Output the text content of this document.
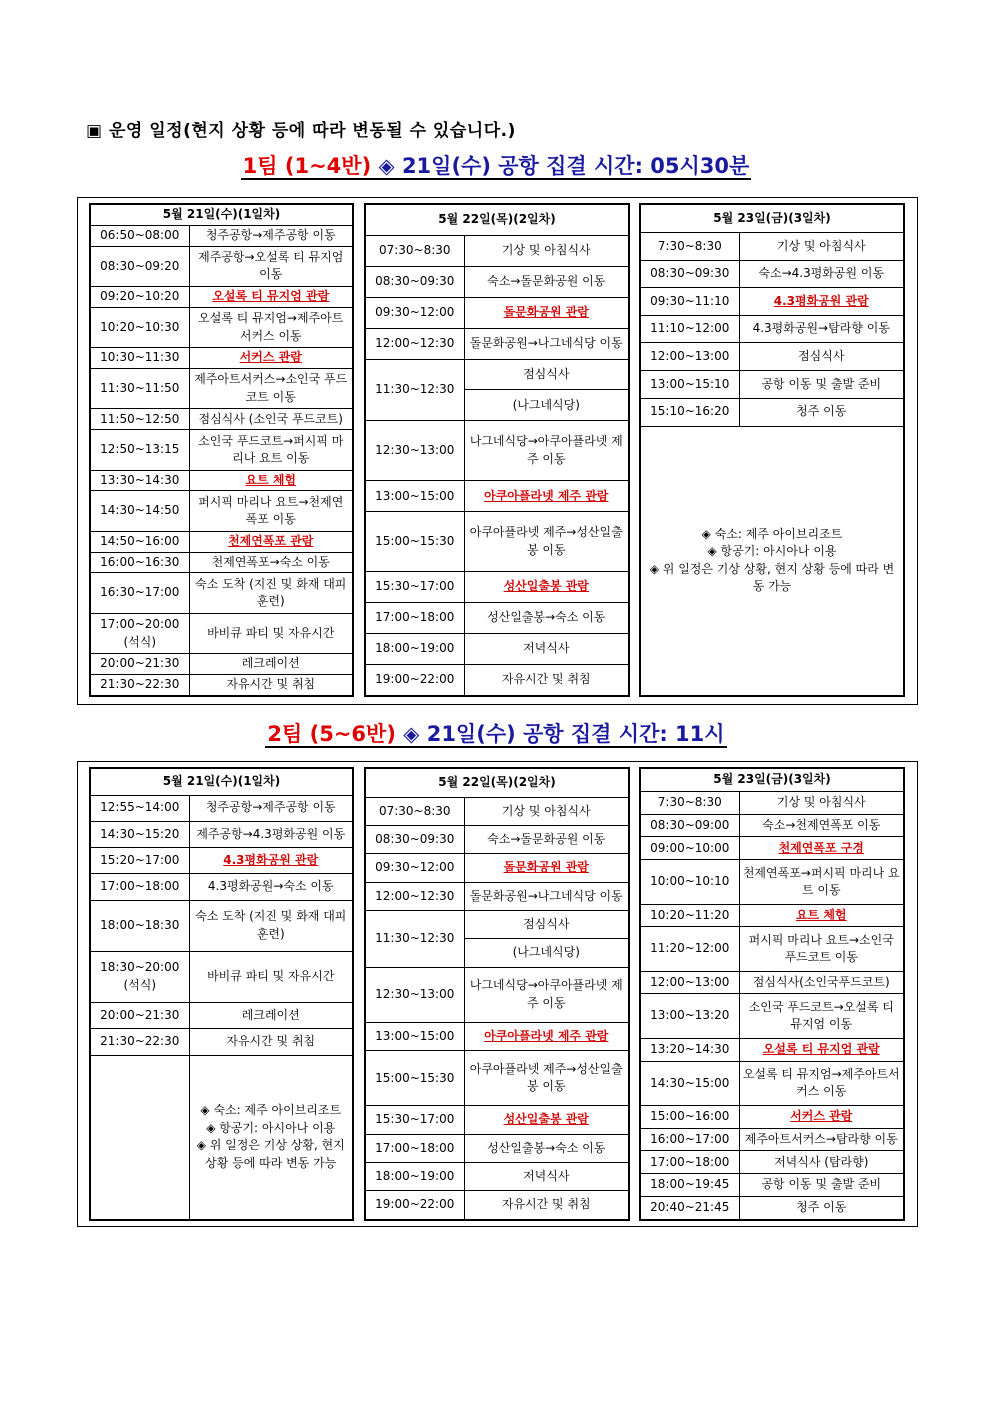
▣ 운영 일정(현지 상황 등에 따라 변동될 수 있습니다.)
1팀 (1~4반) ◈ 21일(수) 공항 집결 시간: 05시30분
5월 21일(수)(1일차)	
06:50~08:00	청주공항→제주공항 이동
08:30~09:20	제주공항→오설록 티 뮤지엄 이동
09:20~10:20	오설록 티 뮤지엄 관람
10:20~10:30	오설록 티 뮤지엄→제주아트서커스 이동
10:30~11:30	서커스 관람
11:30~11:50	제주아트서커스→소인국 푸드코트 이동
11:50~12:50	점심식사 (소인국 푸드코트)
12:50~13:15	소인국 푸드코트→퍼시픽 마리나 요트 이동
13:30~14:30	요트 체험
14:30~14:50	퍼시픽 마리나 요트→천제연폭포 이동
14:50~16:00	천제연폭포 관람
16:00~16:30	천제연폭포→숙소 이동
16:30~17:00	숙소 도착 (지진 및 화재 대피 훈련)
17:00~20:00 (석식)	바비큐 파티 및 자유시간
20:00~21:30	레크레이션
21:30~22:30	자유시간 및 취침
5월 22일(목)(2일차)	
07:30~8:30	기상 및 아침식사
08:30~09:30	숙소→돌문화공원 이동
09:30~12:00	돌문화공원 관람
12:00~12:30	돌문화공원→나그네식당 이동
11:30~12:30	점심식사
	(나그네식당)
12:30~13:00	나그네식당→아쿠아플라넷 제주 이동
13:00~15:00	아쿠아플라넷 제주 관람
15:00~15:30	아쿠아플라넷 제주→성산일출봉 이동
15:30~17:00	성산일출봉 관람
17:00~18:00	성산일출봉→숙소 이동
18:00~19:00	저녁식사
19:00~22:00	자유시간 및 취침
5월 23일(금)(3일차)	
7:30~8:30	기상 및 아침식사
08:30~09:30	숙소→4.3평화공원 이동
09:30~11:10	4.3평화공원 관람
11:10~12:00	4.3평화공원→탐라향 이동
12:00~13:00	점심식사
13:00~15:10	공항 이동 및 출발 준비
15:10~16:20	청주 이동

◈ 숙소: 제주 아이브리조트
◈ 항공기: 아시아나 이용
◈ 위 일정은 기상 상황, 현지 상황 등에 따라 변동 가능	
2팀 (5~6반) ◈ 21일(수) 공항 집결 시간: 11시
5월 21일(수)(1일차)	
12:55~14:00	청주공항→제주공항 이동
14:30~15:20	제주공항→4.3평화공원 이동
15:20~17:00	4.3평화공원 관람
17:00~18:00	4.3평화공원→숙소 이동
18:00~18:30	숙소 도착 (지진 및 화재 대피 훈련)
18:30~20:00 (석식)	바비큐 파티 및 자유시간
20:00~21:30	레크레이션
21:30~22:30	자유시간 및 취침

	◈ 숙소: 제주 아이브리조트
◈ 항공기: 아시아나 이용
◈ 위 일정은 기상 상황, 현지 상황 등에 따라 변동 가능
5월 22일(목)(2일차)	
07:30~8:30	기상 및 아침식사
08:30~09:30	숙소→돌문화공원 이동
09:30~12:00	돌문화공원 관람
12:00~12:30	돌문화공원→나그네식당 이동
11:30~12:30	점심식사
	(나그네식당)
12:30~13:00	나그네식당→아쿠아플라넷 제주 이동
13:00~15:00	아쿠아플라넷 제주 관람
15:00~15:30	아쿠아플라넷 제주→성산일출봉 이동
15:30~17:00	성산일출봉 관람
17:00~18:00	성산일출봉→숙소 이동
18:00~19:00	저녁식사
19:00~22:00	자유시간 및 취침
5월 23일(금)(3일차)	
7:30~8:30	기상 및 아침식사
08:30~09:00	숙소→천제연폭포 이동
09:00~10:00	천제연폭포 구경
10:00~10:10	천제연폭포→퍼시픽 마리나 요트 이동
10:20~11:20	요트 체험
11:20~12:00	퍼시픽 마리나 요트→소인국 푸드코트 이동
12:00~13:00	점심식사(소인국푸드코트)
13:00~13:20	소인국 푸드코트→오설록 티 뮤지엄 이동
13:20~14:30	오설록 티 뮤지엄 관람
14:30~15:00	오설록 티 뮤지엄→제주아트서커스 이동
15:00~16:00	서커스 관람
16:00~17:00	제주아트서커스→탐라향 이동
17:00~18:00	저녁식사 (탐라향)
18:00~19:45	공항 이동 및 출발 준비
20:40~21:45	청주 이동
